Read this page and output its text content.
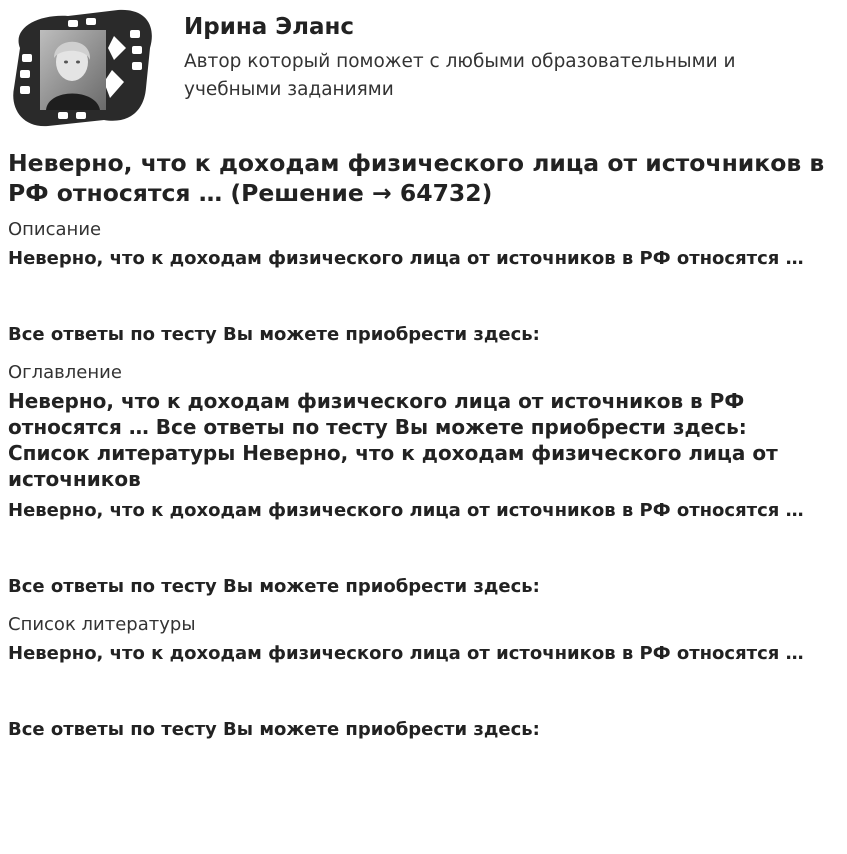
Ирина Эланс
Автор который поможет с любыми образовательными и учебными заданиями
Неверно, что к доходам физического лица от источников в РФ относятся … (Решение → 64732)
Описание
Неверно, что к доходам физического лица от источников в РФ относятся …
Все ответы по тесту Вы можете приобрести здесь:
Оглавление
Неверно, что к доходам физического лица от источников в РФ относятся … Все ответы по тесту Вы можете приобрести здесь: Список литературы Неверно, что к доходам физического лица от источников
Неверно, что к доходам физического лица от источников в РФ относятся …
Все ответы по тесту Вы можете приобрести здесь:
Список литературы
Неверно, что к доходам физического лица от источников в РФ относятся …
Все ответы по тесту Вы можете приобрести здесь:
